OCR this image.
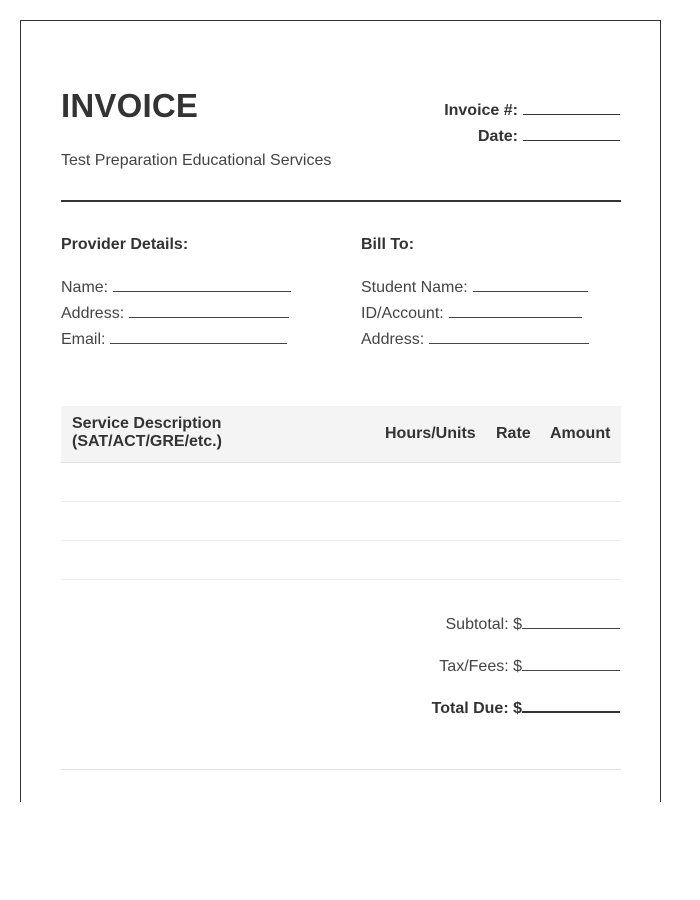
INVOICE
Test Preparation Educational Services
Invoice #:
Date:
Provider Details:
Name:
Address:
Email:
Bill To:
Student Name:
ID/Account:
Address:
Service Description
(SAT/ACT/GRE/etc.)	Hours/Units Rate Amount
Subtotal: $
Tax/Fees: $
Total Due: $
